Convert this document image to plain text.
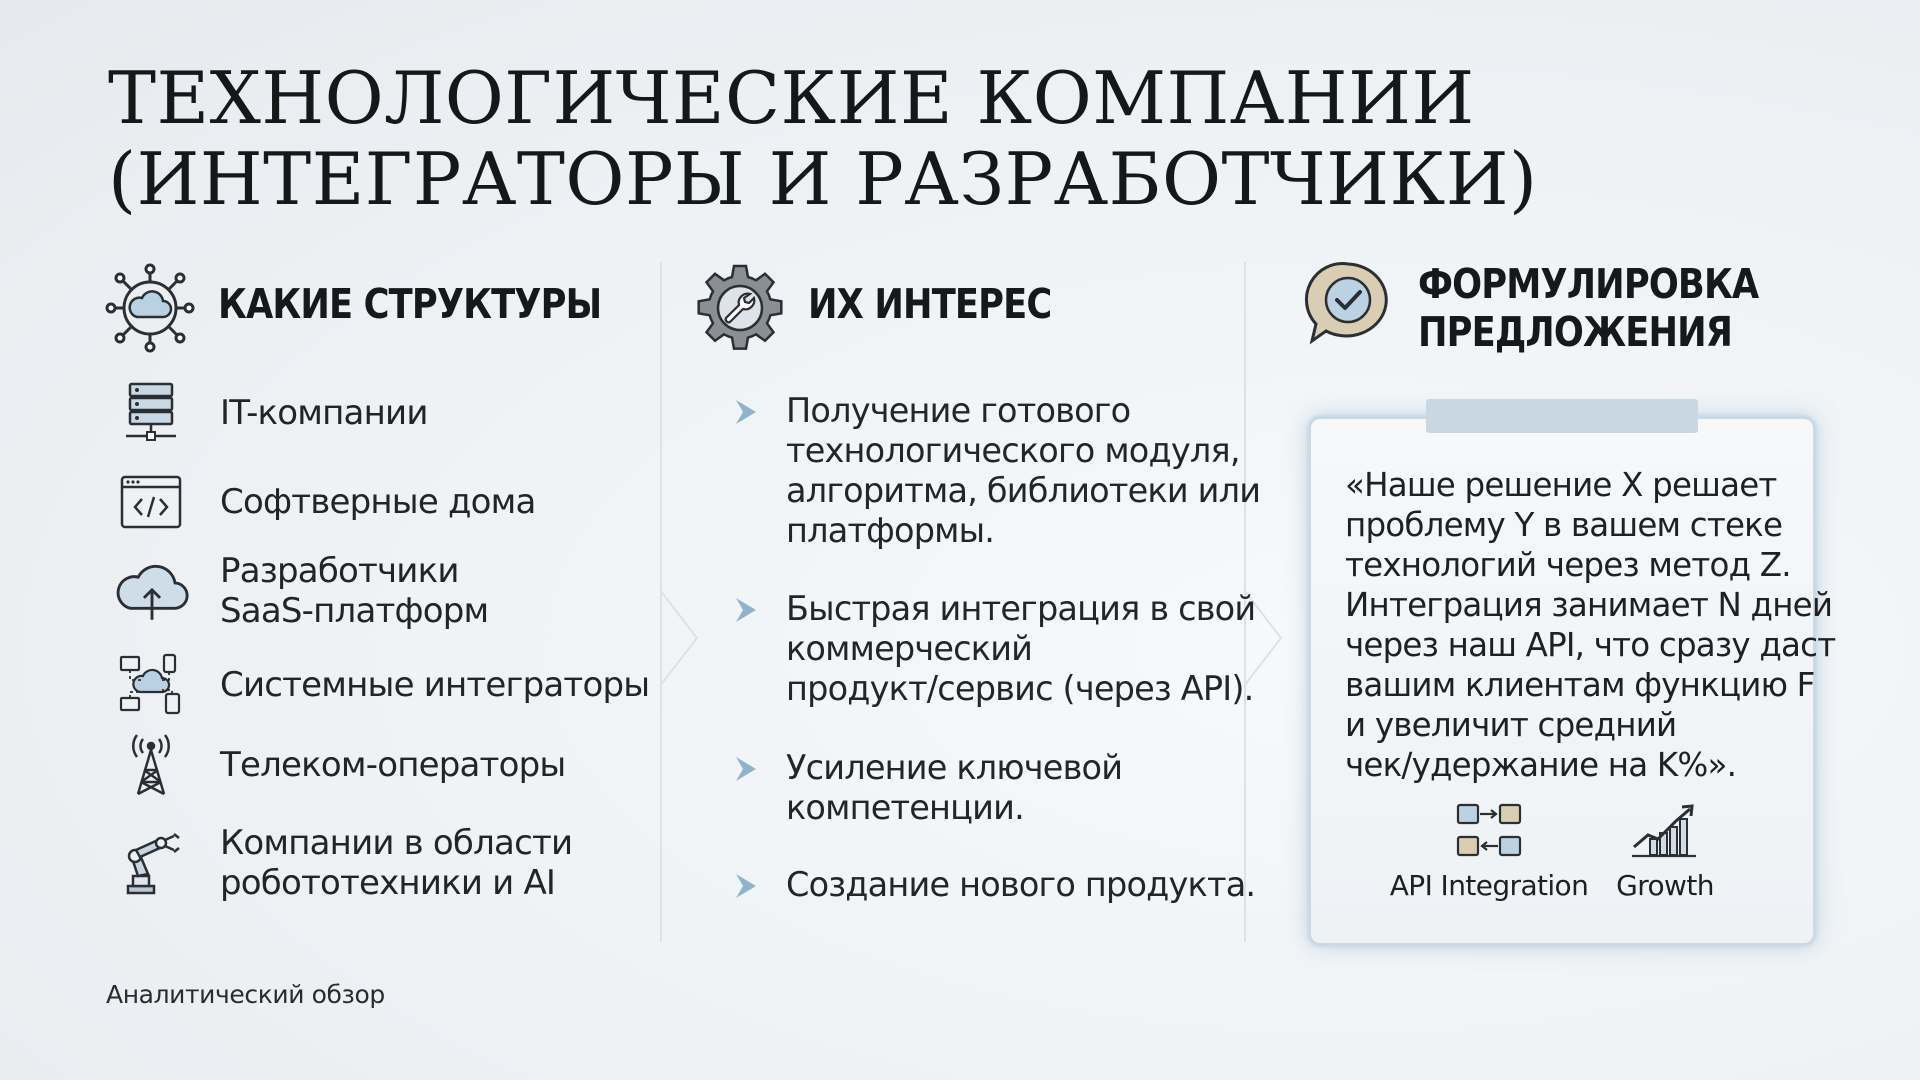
ТЕХНОЛОГИЧЕСКИЕ КОМПАНИИ
(ИНТЕГРАТОРЫ И РАЗРАБОТЧИКИ)
КАКИЕ СТРУКТУРЫ
IT-компании
Софтверные дома
Разработчики
SaaS-платформ
Системные интеграторы
Телеком-операторы
Компании в области
робототехники и AI
ИХ ИНТЕРЕС
Получение готового
технологического модуля,
алгоритма, библиотеки или
платформы.
Быстрая интеграция в свой
коммерческий
продукт/сервис (через API).
Усиление ключевой
компетенции.
Создание нового продукта.
ФОРМУЛИРОВКА
ПРЕДЛОЖЕНИЯ
«Наше решение X решает
проблему Y в вашем стеке
технологий через метод Z.
Интеграция занимает N дней
через наш API, что сразу даст
вашим клиентам функцию F
и увеличит средний
чек/удержание на K%».
API Integration Growth
Аналитический обзор
